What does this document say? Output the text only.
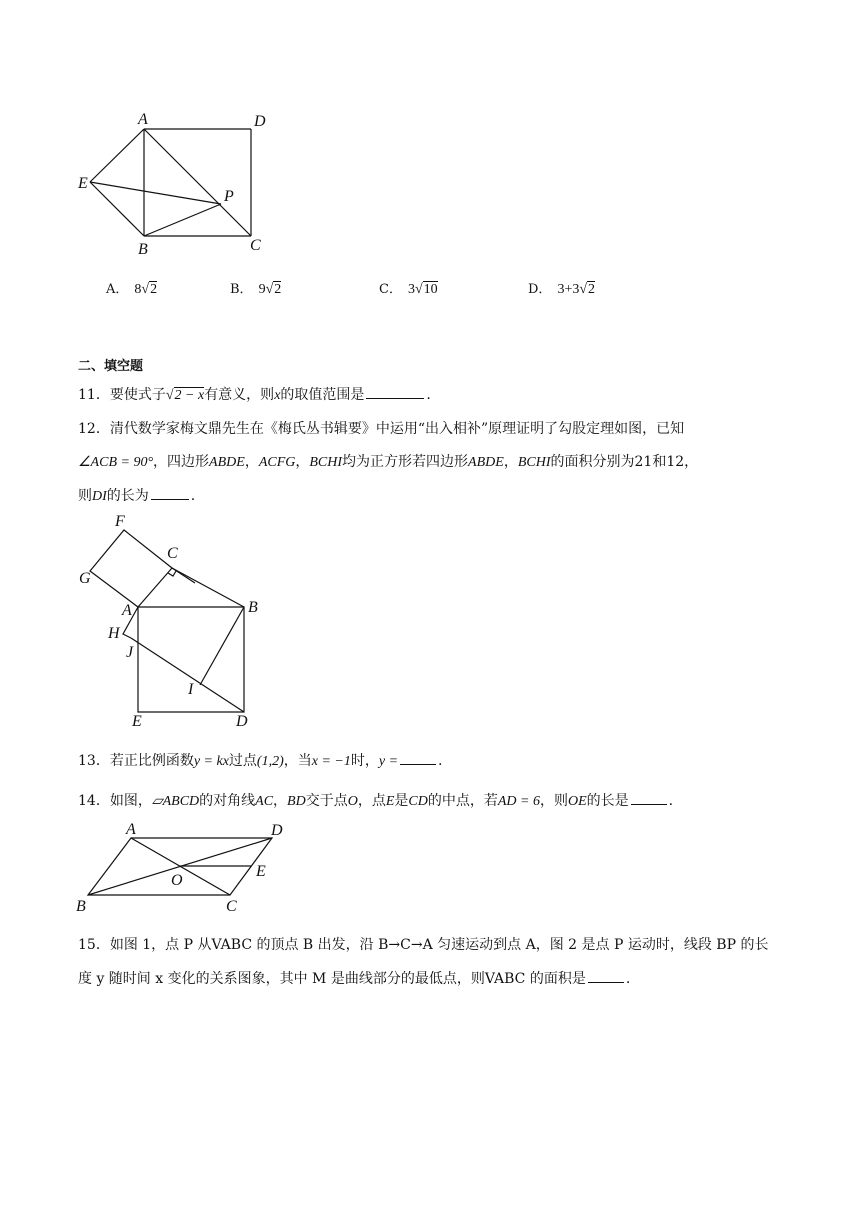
A	D
E
P
B	C
A． 8√2	B． 9√2	C． 3√10	D． 3+3√2
二、填空题
11．要使式子√2 − x有意义，则x的取值范围是	.
12．清代数学家梅文鼎先生在《梅氏丛书辑要》中运用“出入相补”原理证明了勾股定理如图，已知
∠ACB = 90°，四边形ABDE，ACFG，BCHI均为正方形若四边形ABDE，BCHI的面积分别为21和12，
则DI的长为	.
F
C
G
B
A
H
J
I
E	D
13．若正比例函数y = kx过点(1,2)，当x = −1时，y =	.
14．如图，▱ABCD的对角线AC，BD交于点O，点E是CD的中点，若AD = 6，则OE的长是	.
A	D
O
E
B	C
15．如图 1，点 P 从VABC 的顶点 B 出发，沿 B→C→A 匀速运动到点 A，图 2 是点 P 运动时，线段 BP 的长
度 y 随时间 x 变化的关系图象，其中 M 是曲线部分的最低点，则VABC 的面积是	.
